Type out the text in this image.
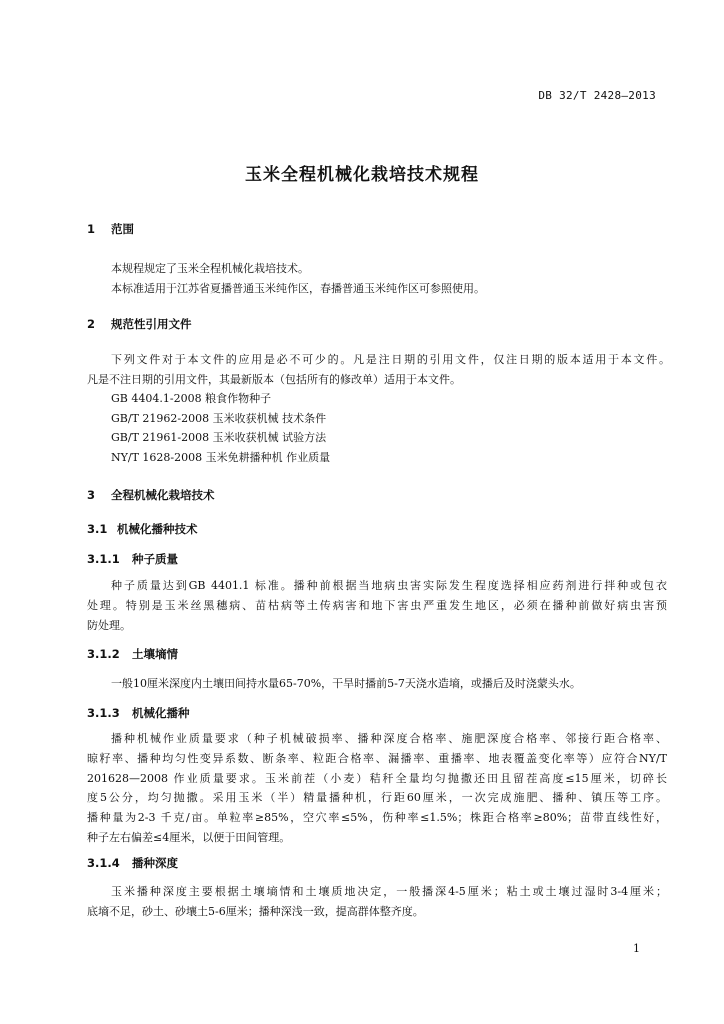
DB 32/T 2428—2013
玉米全程机械化栽培技术规程
1 范围
本规程规定了玉米全程机械化栽培技术。
本标准适用于江苏省夏播普通玉米纯作区，春播普通玉米纯作区可参照使用。
2 规范性引用文件
下列文件对于本文件的应用是必不可少的。凡是注日期的引用文件，仅注日期的版本适用于本文件。
凡是不注日期的引用文件，其最新版本（包括所有的修改单）适用于本文件。
GB 4404.1-2008 粮食作物种子
GB/T 21962-2008 玉米收获机械 技术条件
GB/T 21961-2008 玉米收获机械 试验方法
NY/T 1628-2008 玉米免耕播种机 作业质量
3 全程机械化栽培技术
3.1 机械化播种技术
3.1.1 种子质量
种子质量达到GB 4401.1 标准。播种前根据当地病虫害实际发生程度选择相应药剂进行拌种或包衣
处理。特别是玉米丝黑穗病、苗枯病等土传病害和地下害虫严重发生地区，必须在播种前做好病虫害预
防处理。
3.1.2 土壤墒情
一般10厘米深度内土壤田间持水量65-70%，干旱时播前5-7天浇水造墒，或播后及时浇蒙头水。
3.1.3 机械化播种
播种机械作业质量要求（种子机械破损率、播种深度合格率、施肥深度合格率、邻接行距合格率、
晾籽率、播种均匀性变异系数、断条率、粒距合格率、漏播率、重播率、地表覆盖变化率等）应符合NY/T
201628—2008 作业质量要求。玉米前茬（小麦）秸秆全量均匀抛撒还田且留茬高度≤15厘米，切碎长
度5公分，均匀抛撒。采用玉米（半）精量播种机，行距60厘米，一次完成施肥、播种、镇压等工序。
播种量为2-3 千克/亩。单粒率≥85%，空穴率≤5%，伤种率≤1.5%；株距合格率≥80%；苗带直线性好，
种子左右偏差≤4厘米，以便于田间管理。
3.1.4 播种深度
玉米播种深度主要根据土壤墒情和土壤质地决定，一般播深4-5厘米；粘土或土壤过湿时3-4厘米；
底墒不足，砂土、砂壤土5-6厘米；播种深浅一致，提高群体整齐度。
1
